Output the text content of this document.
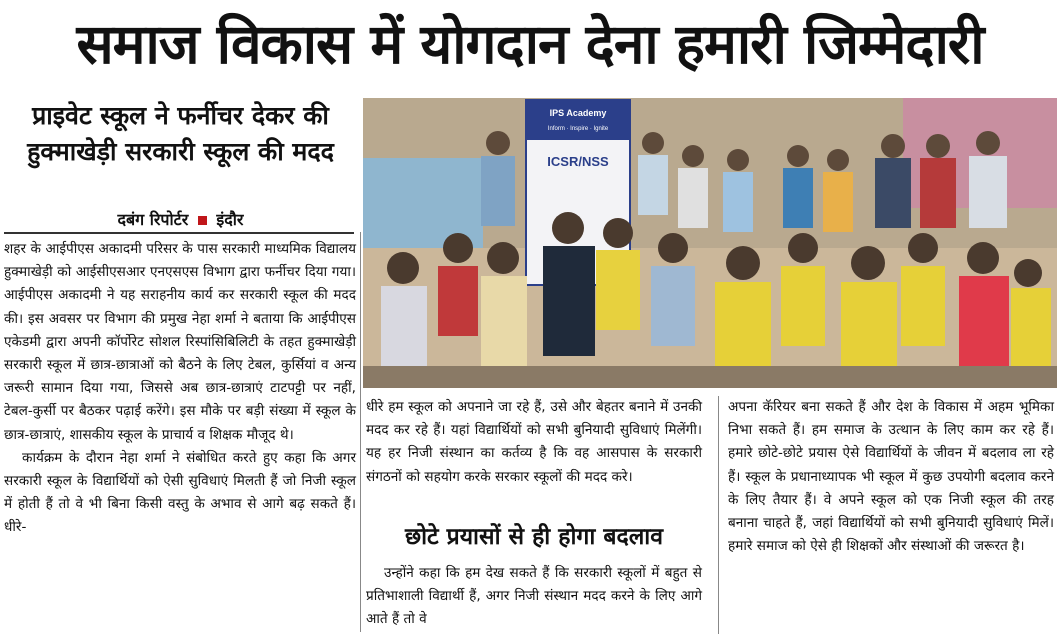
समाज विकास में योगदान देना हमारी जिम्मेदारी
प्राइवेट स्कूल ने फर्नीचर देकर की हुक्माखेड़ी सरकारी स्कूल की मदद
दबंग रिपोर्टर इंदौर

शहर के आईपीएस अकादमी परिसर के पास सरकारी माध्यमिक विद्यालय हुक्माखेड़ी को आईसीएसआर एनएसएस विभाग द्वारा फर्नीचर दिया गया। आईपीएस अकादमी ने यह सराहनीय कार्य कर सरकारी स्कूल की मदद की। इस अवसर पर विभाग की प्रमुख नेहा शर्मा ने बताया कि आईपीएस एकेडमी द्वारा अपनी कॉर्पोरेट सोशल रिस्पांसिबिलिटी के तहत हुक्माखेड़ी सरकारी स्कूल में छात्र-छात्राओं को बैठने के लिए टेबल, कुर्सियां व अन्य जरूरी सामान दिया गया, जिससे अब छात्र-छात्राएं टाटपट्टी पर नहीं, टेबल-कुर्सी पर बैठकर पढ़ाई करेंगे। इस मौके पर बड़ी संख्या में स्कूल के छात्र-छात्राएं, शासकीय स्कूल के प्राचार्य व शिक्षक मौजूद थे।

कार्यक्रम के दौरान नेहा शर्मा ने संबोधित करते हुए कहा कि अगर सरकारी स्कूल के विद्यार्थियों को ऐसी सुविधाएं मिलती हैं जो निजी स्कूल में होती हैं तो वे भी बिना किसी वस्तु के अभाव से आगे बढ़ सकते हैं। धीरे-

IPS Academy
Inform · Inspire · Ignite
ICSR/NSS

धीरे हम स्कूल को अपनाने जा रहे हैं, उसे और बेहतर बनाने में उनकी मदद कर रहे हैं। यहां विद्यार्थियों को सभी बुनियादी सुविधाएं मिलेंगी। यह हर निजी संस्थान का कर्तव्य है कि वह आसपास के सरकारी संगठनों को सहयोग करके सरकार स्कूलों की मदद करे।

छोटे प्रयासों से ही होगा बदलाव

उन्होंने कहा कि हम देख सकते हैं कि सरकारी स्कूलों में बहुत से प्रतिभाशाली विद्यार्थी हैं, अगर निजी संस्थान मदद करने के लिए आगे आते हैं तो वे

अपना कॅरियर बना सकते हैं और देश के विकास में अहम भूमिका निभा सकते हैं। हम समाज के उत्थान के लिए काम कर रहे हैं। हमारे छोटे-छोटे प्रयास ऐसे विद्यार्थियों के जीवन में बदलाव ला रहे हैं। स्कूल के प्रधानाध्यापक भी स्कूल में कुछ उपयोगी बदलाव करने के लिए तैयार हैं। वे अपने स्कूल को एक निजी स्कूल की तरह बनाना चाहते हैं, जहां विद्यार्थियों को सभी बुनियादी सुविधाएं मिलें। हमारे समाज को ऐसे ही शिक्षकों और संस्थाओं की जरूरत है।
